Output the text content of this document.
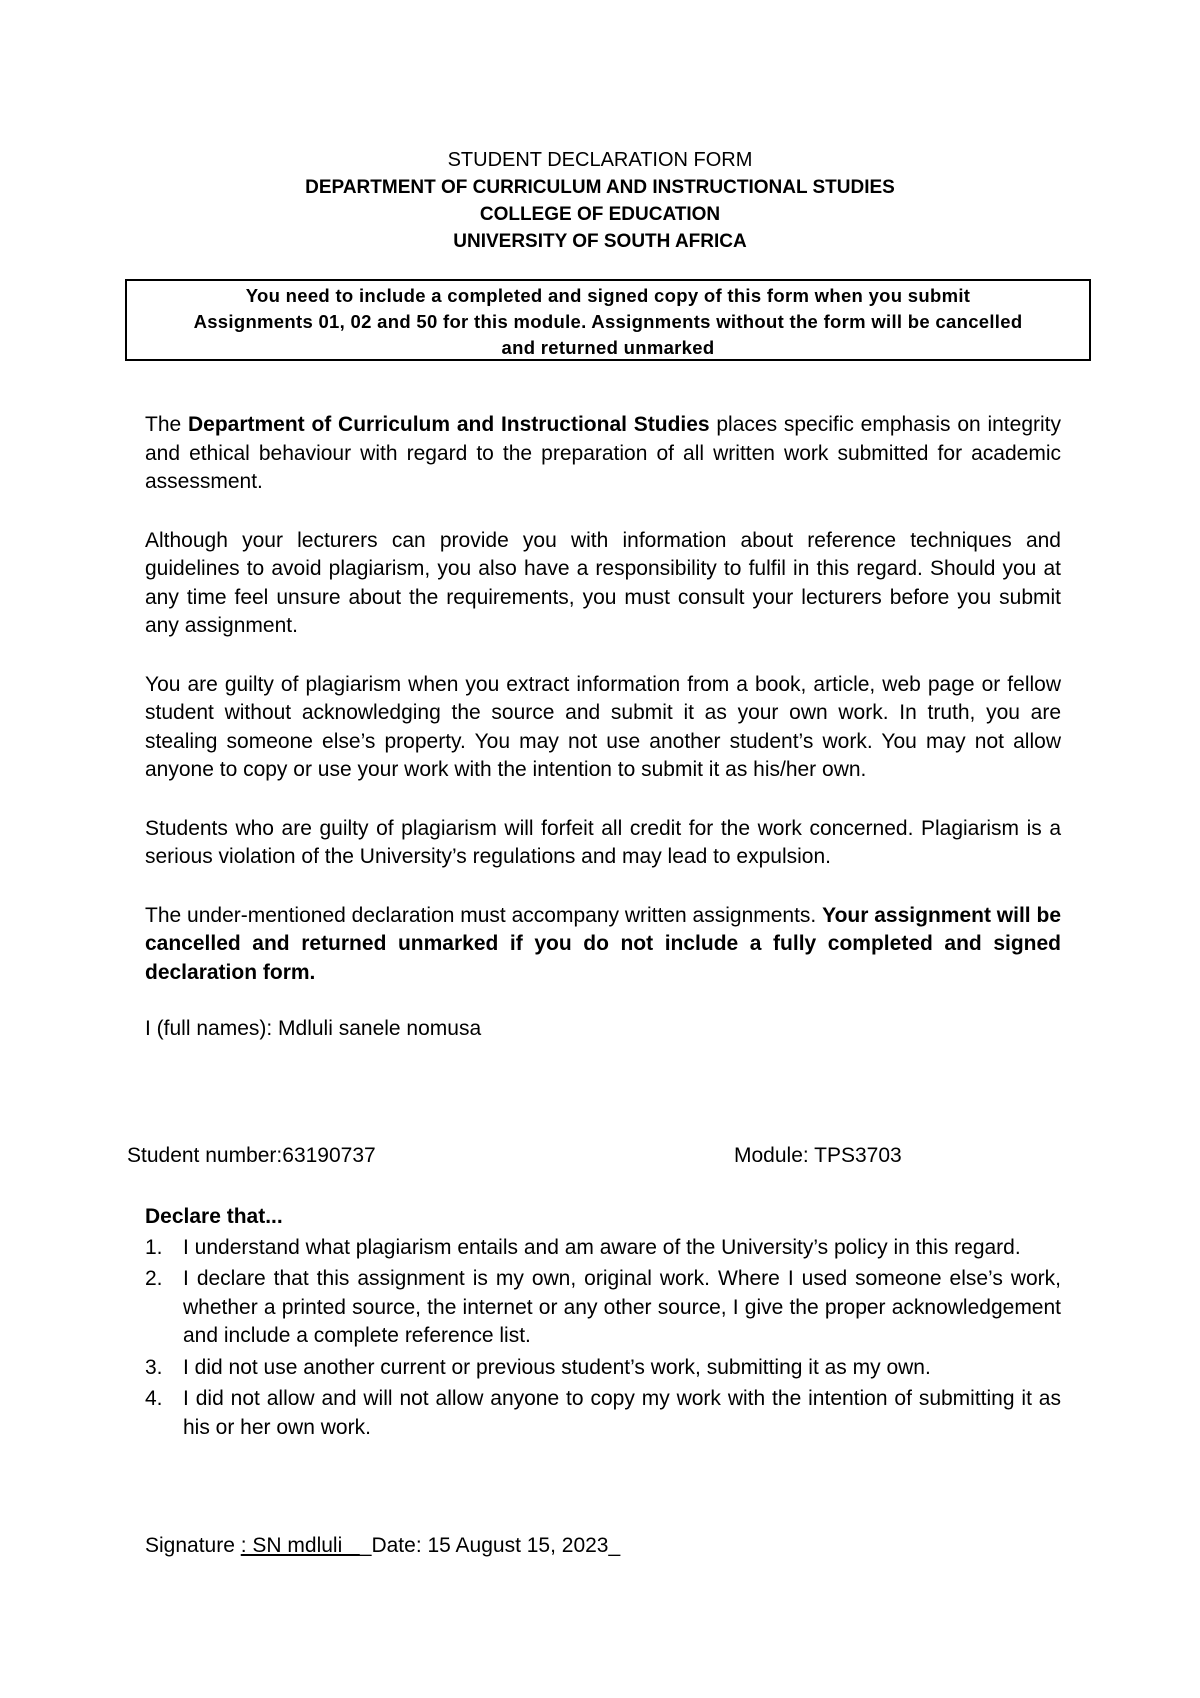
STUDENT DECLARATION FORM

DEPARTMENT OF CURRICULUM AND INSTRUCTIONAL STUDIES

COLLEGE OF EDUCATION

UNIVERSITY OF SOUTH AFRICA

You need to include a completed and signed copy of this form when you submit
Assignments 01, 02 and 50 for this module. Assignments without the form will be cancelled
and returned unmarked

The Department of Curriculum and Instructional Studies places specific emphasis on integrity and ethical behaviour with regard to the preparation of all written work submitted for academic assessment.

Although your lecturers can provide you with information about reference techniques and guidelines to avoid plagiarism, you also have a responsibility to fulfil in this regard. Should you at any time feel unsure about the requirements, you must consult your lecturers before you submit any assignment.

You are guilty of plagiarism when you extract information from a book, article, web page or fellow student without acknowledging the source and submit it as your own work. In truth, you are stealing someone else’s property. You may not use another student’s work. You may not allow anyone to copy or use your work with the intention to submit it as his/her own.

Students who are guilty of plagiarism will forfeit all credit for the work concerned. Plagiarism is a serious violation of the University’s regulations and may lead to expulsion.

The under-mentioned declaration must accompany written assignments. Your assignment will be cancelled and returned unmarked if you do not include a fully completed and signed declaration form.

I (full names): Mdluli sanele nomusa

Student number:63190737	Module: TPS3703
Declare that...
1. I understand what plagiarism entails and am aware of the University’s policy in this regard.
2. I declare that this assignment is my own, original work. Where I used someone else’s work, whether a printed source, the internet or any other source, I give the proper acknowledgement and include a complete reference list.
3. I did not use another current or previous student’s work, submitting it as my own.
4. I did not allow and will not allow anyone to copy my work with the intention of submitting it as his or her own work.
Signature : SN mdluli_ _Date: 15 August 15, 2023_
